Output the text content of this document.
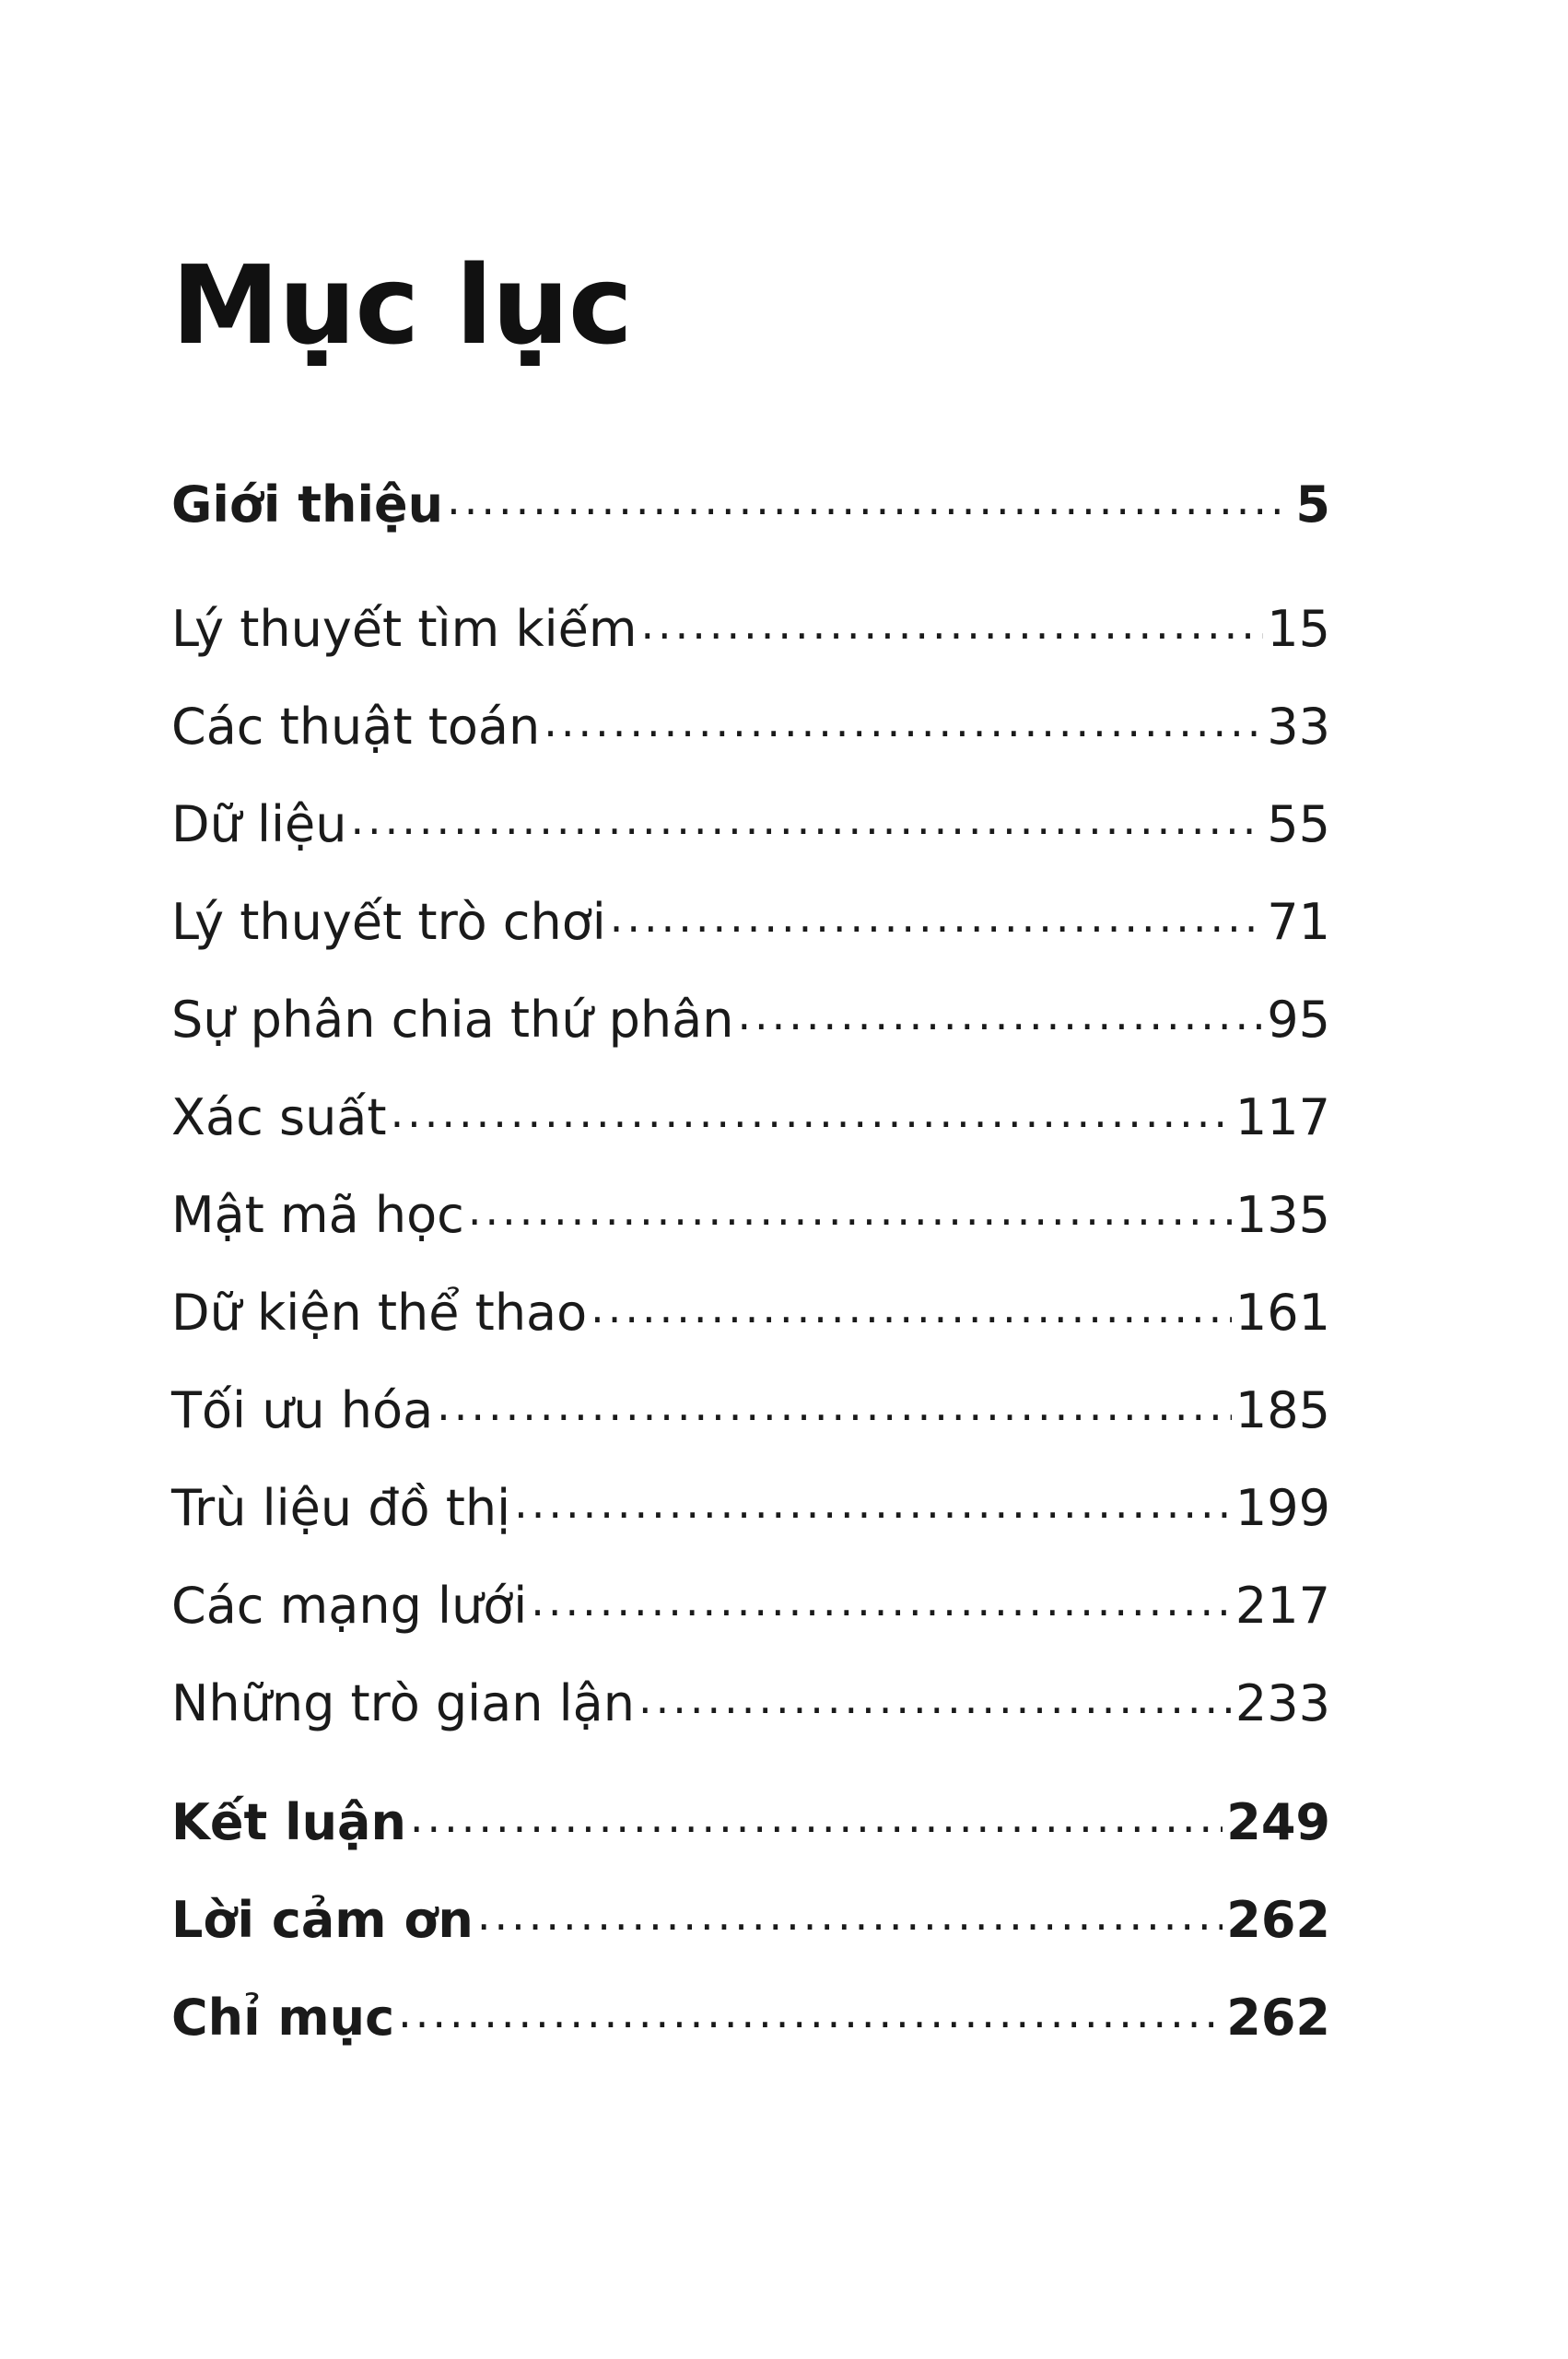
Mục lục
Giới thiệu .....	5
Lý thuyết tìm kiếm .....	15
Các thuật toán .....	33
Dữ liệu .....	55
Lý thuyết trò chơi .....	71
Sự phân chia thứ phân .....	95
Xác suất .....	117
Mật mã học .....	135
Dữ kiện thể thao .....	161
Tối ưu hóa .....	185
Trù liệu đồ thị .....	199
Các mạng lưới .....	217
Những trò gian lận .....	233
Kết luận .....	249
Lời cảm ơn .....	262
Chỉ mục .....	262
